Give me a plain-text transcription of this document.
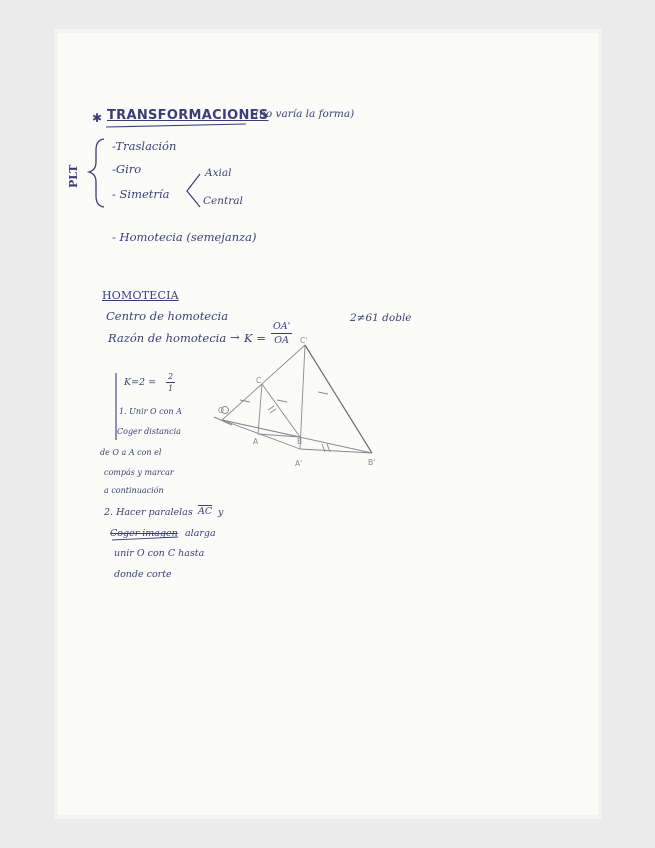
✱ TRANSFORMACIONES
(no varía la forma)
PLT
-Traslación
-Giro
- Simetría
Axial
Central
- Homotecia (semejanza)
HOMOTECIA
Centro de homotecia
Razón de homotecia → $K = \frac{OA'}{OA}$
2≠61 doble
$K=2 = \frac{2}{1}$
1. Unir O con A
Coger distancia
de O a A con el
compás y marcar
a continuación
2. Hacer paralelas $\overline{AC}$ y
Coger imagen alarga
unir O con C hasta
donde corte
O
C
C'
A	B
A'	B'
